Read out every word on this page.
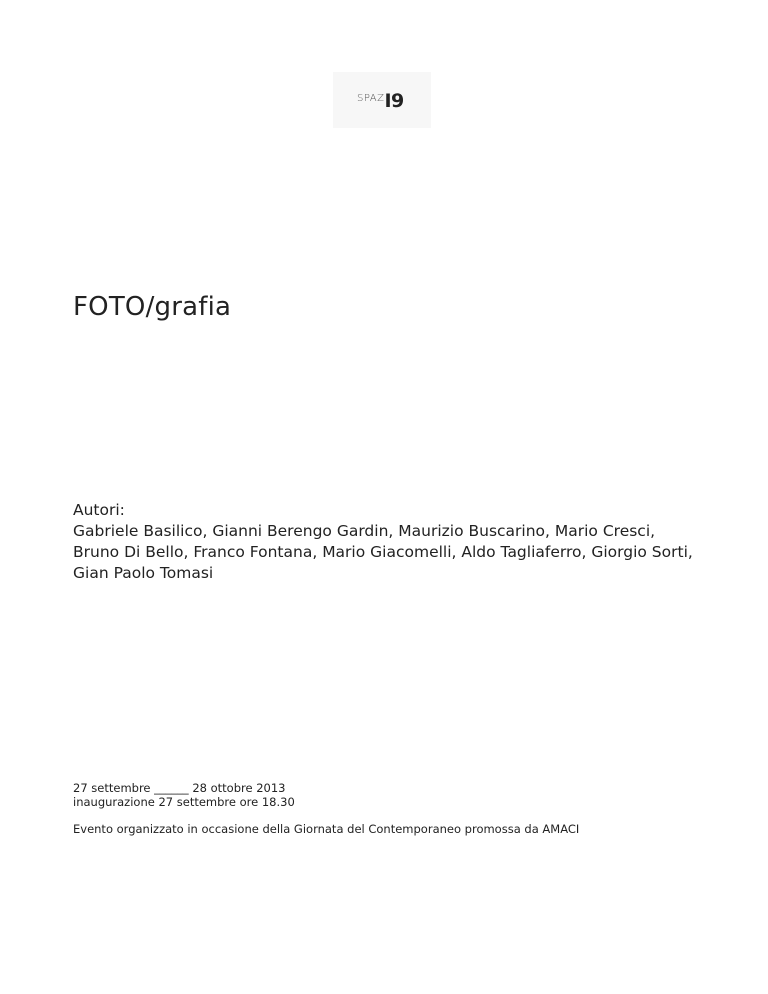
$^{SPAZ}$I9
FOTO/grafia

Autori:

Gabriele Basilico, Gianni Berengo Gardin, Maurizio Buscarino, Mario Cresci, Bruno Di Bello, Franco Fontana, Mario Giacomelli, Aldo Tagliaferro, Giorgio Sorti, Gian Paolo Tomasi

27 settembre ______ 28 ottobre 2013
inaugurazione 27 settembre ore 18.30
Evento organizzato in occasione della Giornata del Contemporaneo promossa da AMACI
